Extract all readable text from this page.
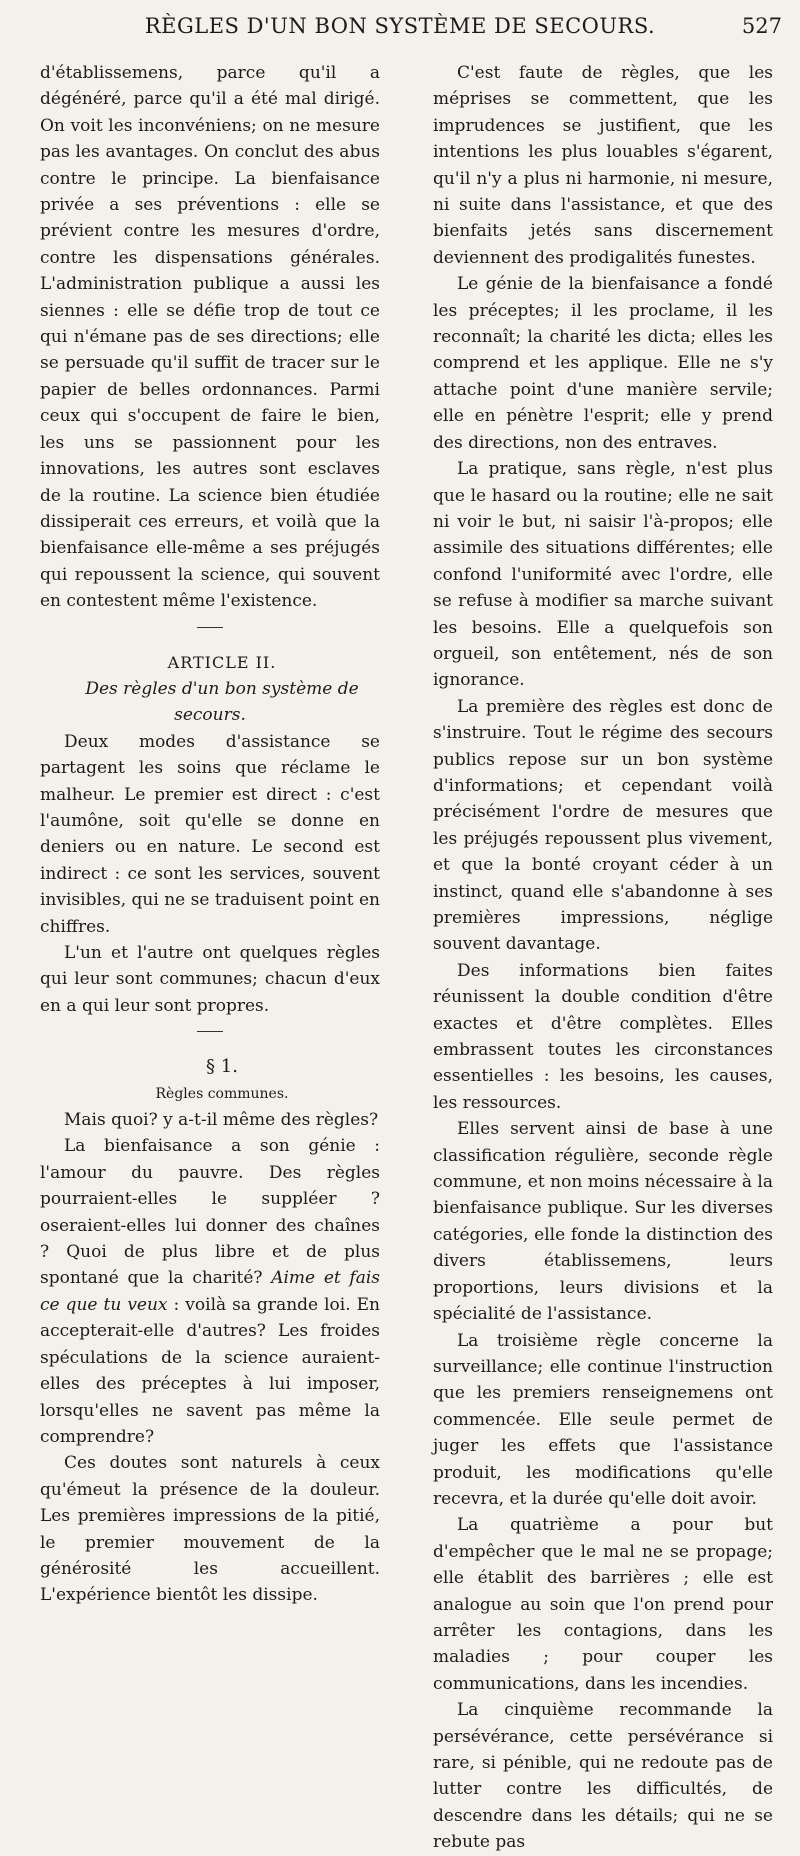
RÈGLES D'UN BON SYSTÈME DE SECOURS.	527

d'établissemens, parce qu'il a dégénéré, parce qu'il a été mal dirigé. On voit les inconvéniens; on ne mesure pas les avantages. On conclut des abus contre le principe. La bienfaisance privée a ses préventions : elle se prévient contre les mesures d'ordre, contre les dispensations générales. L'administration publique a aussi les siennes : elle se défie trop de tout ce qui n'émane pas de ses directions; elle se persuade qu'il suffit de tracer sur le papier de belles ordonnances. Parmi ceux qui s'occupent de faire le bien, les uns se passionnent pour les innovations, les autres sont esclaves de la routine. La science bien étudiée dissiperait ces erreurs, et voilà que la bienfaisance elle-même a ses préjugés qui repoussent la science, qui souvent en contestent même l'existence.

ARTICLE II.

Des règles d'un bon système de secours.

Deux modes d'assistance se partagent les soins que réclame le malheur. Le premier est direct : c'est l'aumône, soit qu'elle se donne en deniers ou en nature. Le second est indirect : ce sont les services, souvent invisibles, qui ne se traduisent point en chiffres.

L'un et l'autre ont quelques règles qui leur sont communes; chacun d'eux en a qui leur sont propres.

§ 1.

Règles communes.

Mais quoi? y a-t-il même des règles?

La bienfaisance a son génie : l'amour du pauvre. Des règles pourraient-elles le suppléer ? oseraient-elles lui donner des chaînes ? Quoi de plus libre et de plus spontané que la charité? Aime et fais ce que tu veux : voilà sa grande loi. En accepterait-elle d'autres? Les froides spéculations de la science auraient-elles des préceptes à lui imposer, lorsqu'elles ne savent pas même la comprendre?

Ces doutes sont naturels à ceux qu'émeut la présence de la douleur. Les premières impressions de la pitié, le premier mouvement de la générosité les accueillent. L'expérience bientôt les dissipe.

C'est faute de règles, que les méprises se commettent, que les imprudences se justifient, que les intentions les plus louables s'égarent, qu'il n'y a plus ni harmonie, ni mesure, ni suite dans l'assistance, et que des bienfaits jetés sans discernement deviennent des prodigalités funestes.

Le génie de la bienfaisance a fondé les préceptes; il les proclame, il les reconnaît; la charité les dicta; elles les comprend et les applique. Elle ne s'y attache point d'une manière servile; elle en pénètre l'esprit; elle y prend des directions, non des entraves.

La pratique, sans règle, n'est plus que le hasard ou la routine; elle ne sait ni voir le but, ni saisir l'à-propos; elle assimile des situations différentes; elle confond l'uniformité avec l'ordre, elle se refuse à modifier sa marche suivant les besoins. Elle a quelquefois son orgueil, son entêtement, nés de son ignorance.

La première des règles est donc de s'instruire. Tout le régime des secours publics repose sur un bon système d'informations; et cependant voilà précisément l'ordre de mesures que les préjugés repoussent plus vivement, et que la bonté croyant céder à un instinct, quand elle s'abandonne à ses premières impressions, néglige souvent davantage.

Des informations bien faites réunissent la double condition d'être exactes et d'être complètes. Elles embrassent toutes les circonstances essentielles : les besoins, les causes, les ressources.

Elles servent ainsi de base à une classification régulière, seconde règle commune, et non moins nécessaire à la bienfaisance publique. Sur les diverses catégories, elle fonde la distinction des divers établissemens, leurs proportions, leurs divisions et la spécialité de l'assistance.

La troisième règle concerne la surveillance; elle continue l'instruction que les premiers renseignemens ont commencée. Elle seule permet de juger les effets que l'assistance produit, les modifications qu'elle recevra, et la durée qu'elle doit avoir.

La quatrième a pour but d'empêcher que le mal ne se propage; elle établit des barrières ; elle est analogue au soin que l'on prend pour arrêter les contagions, dans les maladies ; pour couper les communications, dans les incendies.

La cinquième recommande la persévérance, cette persévérance si rare, si pénible, qui ne redoute pas de lutter contre les difficultés, de descendre dans les détails; qui ne se rebute pas
